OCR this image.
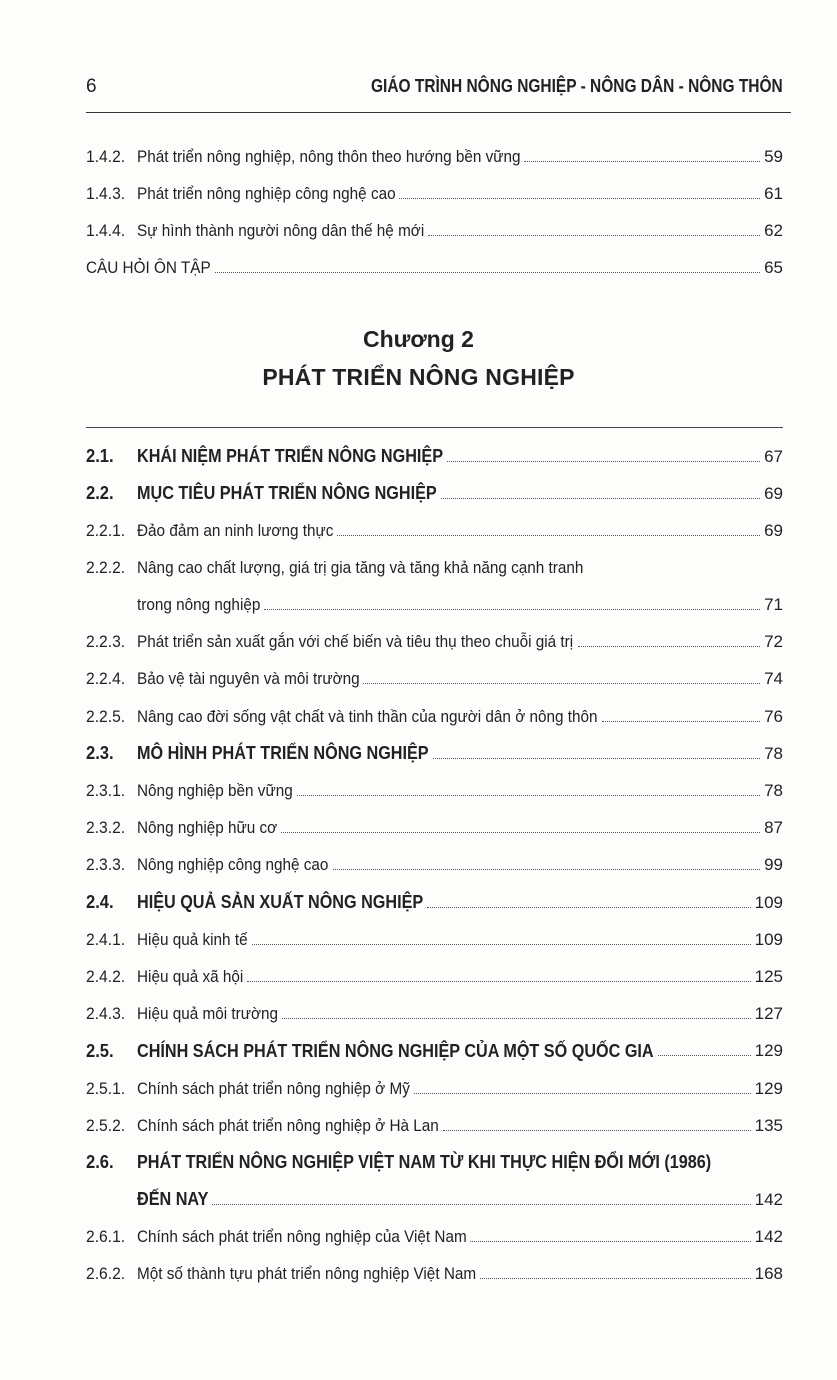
6	GIÁO TRÌNH NÔNG NGHIỆP - NÔNG DÂN - NÔNG THÔN
1.4.2. Phát triển nông nghiệp, nông thôn theo hướng bền vững	59
1.4.3. Phát triển nông nghiệp công nghệ cao	61
1.4.4. Sự hình thành người nông dân thế hệ mới	62
CÂU HỎI ÔN TẬP	65
Chương 2
PHÁT TRIỂN NÔNG NGHIỆP
2.1.	KHÁI NIỆM PHÁT TRIỂN NÔNG NGHIỆP	67
2.2.	MỤC TIÊU PHÁT TRIỂN NÔNG NGHIỆP	69
2.2.1. Đảo đảm an ninh lương thực	69
2.2.2. Nâng cao chất lượng, giá trị gia tăng và tăng khả năng cạnh tranh
trong nông nghiệp	71
2.2.3. Phát triển sản xuất gắn với chế biến và tiêu thụ theo chuỗi giá trị	72
2.2.4. Bảo vệ tài nguyên và môi trường	74
2.2.5. Nâng cao đời sống vật chất và tinh thần của người dân ở nông thôn	76
2.3.	MÔ HÌNH PHÁT TRIỂN NÔNG NGHIỆP	78
2.3.1. Nông nghiệp bền vững	78
2.3.2. Nông nghiệp hữu cơ	87
2.3.3. Nông nghiệp công nghệ cao	99
2.4.	HIỆU QUẢ SẢN XUẤT NÔNG NGHIỆP	109
2.4.1. Hiệu quả kinh tế	109
2.4.2. Hiệu quả xã hội	125
2.4.3. Hiệu quả môi trường	127
2.5.	CHÍNH SÁCH PHÁT TRIỂN NÔNG NGHIỆP CỦA MỘT SỐ QUỐC GIA	129
2.5.1. Chính sách phát triển nông nghiệp ở Mỹ	129
2.5.2. Chính sách phát triển nông nghiệp ở Hà Lan	135
2.6.	PHÁT TRIỂN NÔNG NGHIỆP VIỆT NAM TỪ KHI THỰC HIỆN ĐỔI MỚI (1986)
ĐẾN NAY	142
2.6.1. Chính sách phát triển nông nghiệp của Việt Nam	142
2.6.2. Một số thành tựu phát triển nông nghiệp Việt Nam	168
